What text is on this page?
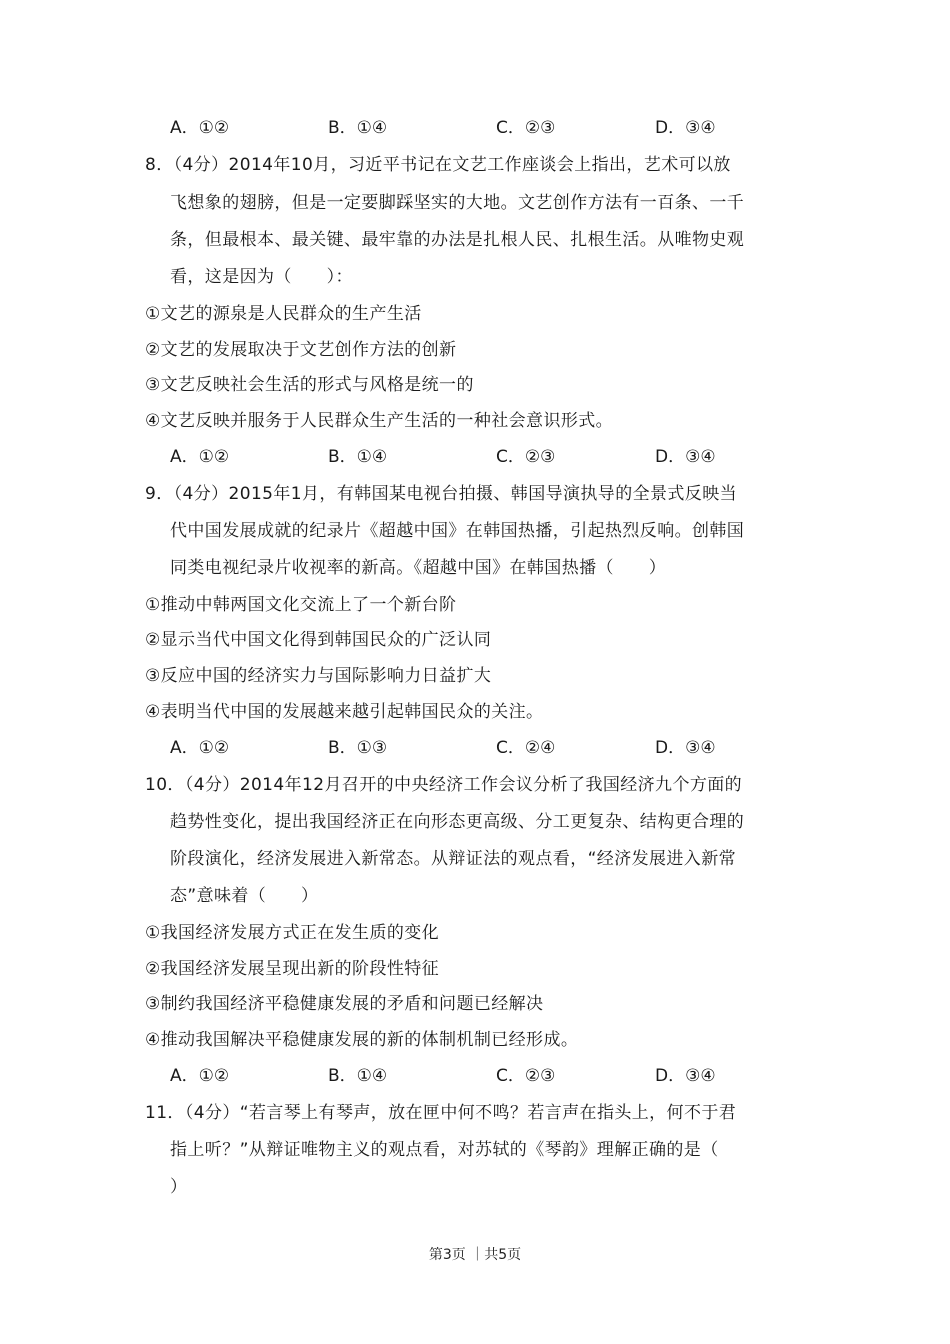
A．①②	B．①④	C．②③	D．③④
8．（4分）2014年10月，习近平书记在文艺工作座谈会上指出，艺术可以放
飞想象的翅膀，但是一定要脚踩坚实的大地。文艺创作方法有一百条、一千
条，但最根本、最关键、最牢靠的办法是扎根人民、扎根生活。从唯物史观
看，这是因为（　　）：
①文艺的源泉是人民群众的生产生活
②文艺的发展取决于文艺创作方法的创新
③文艺反映社会生活的形式与风格是统一的
④文艺反映并服务于人民群众生产生活的一种社会意识形式。
A．①②	B．①④	C．②③	D．③④
9．（4分）2015年1月，有韩国某电视台拍摄、韩国导演执导的全景式反映当
代中国发展成就的纪录片《超越中国》在韩国热播，引起热烈反响。创韩国
同类电视纪录片收视率的新高。《超越中国》在韩国热播（　　）
①推动中韩两国文化交流上了一个新台阶
②显示当代中国文化得到韩国民众的广泛认同
③反应中国的经济实力与国际影响力日益扩大
④表明当代中国的发展越来越引起韩国民众的关注。
A．①②	B．①③	C．②④	D．③④
10．（4分）2014年12月召开的中央经济工作会议分析了我国经济九个方面的
趋势性变化，提出我国经济正在向形态更高级、分工更复杂、结构更合理的
阶段演化，经济发展进入新常态。从辩证法的观点看，“经济发展进入新常
态”意味着（　　）
①我国经济发展方式正在发生质的变化
②我国经济发展呈现出新的阶段性特征
③制约我国经济平稳健康发展的矛盾和问题已经解决
④推动我国解决平稳健康发展的新的体制机制已经形成。
A．①②	B．①④	C．②③	D．③④
11．（4分）“若言琴上有琴声，放在匣中何不鸣？若言声在指头上，何不于君
指上听？”从辩证唯物主义的观点看，对苏轼的《琴韵》理解正确的是（
）
第3页 ｜共5页
